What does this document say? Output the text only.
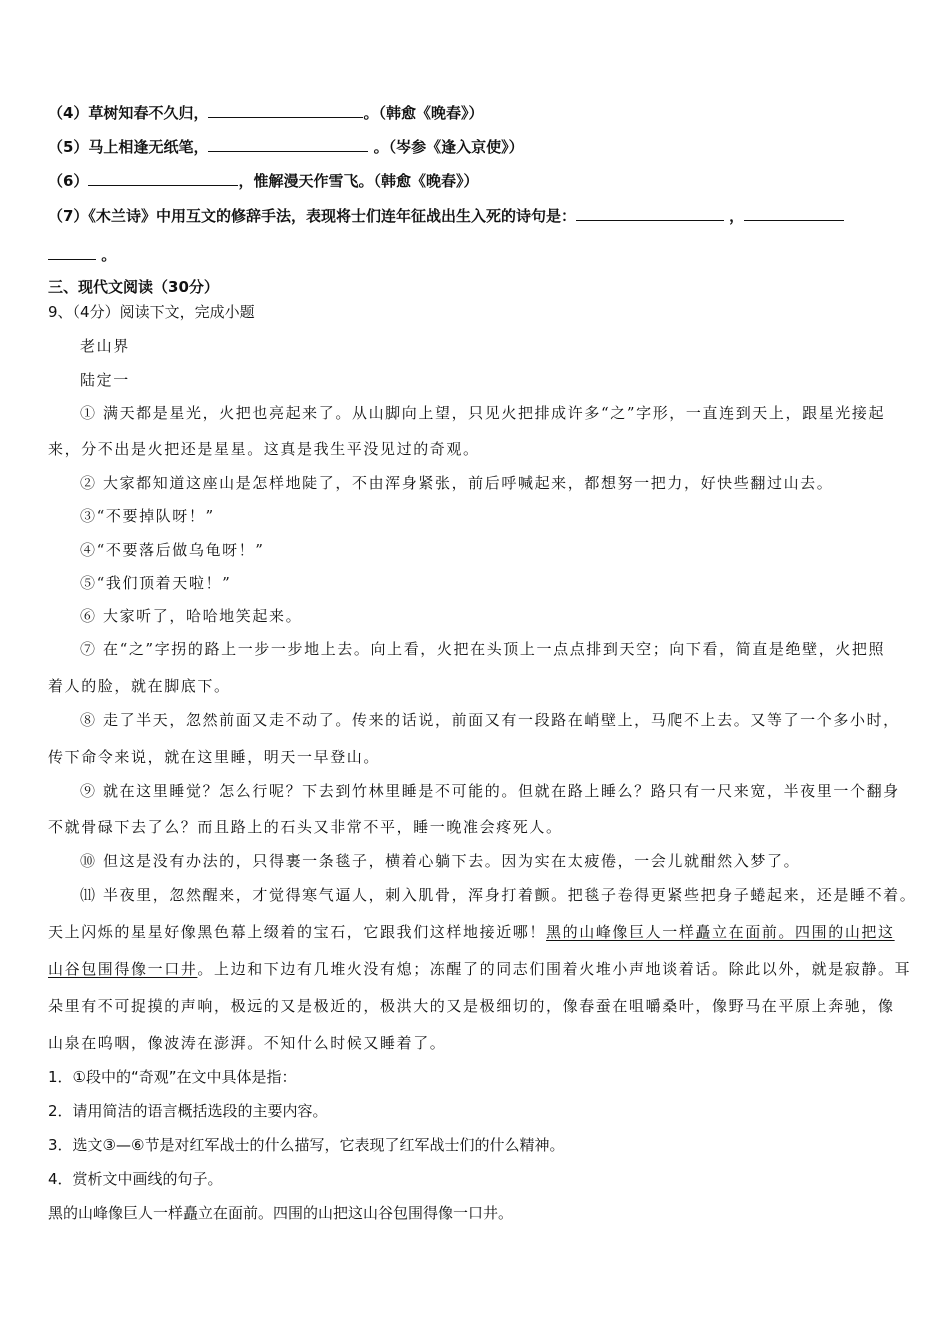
（4）草树知春不久归，	。（韩愈《晚春》）
（5）马上相逢无纸笔，	。（岑参《逢入京使》）
（6）	，惟解漫天作雪飞。（韩愈《晚春》）
（7）《木兰诗》中用互文的修辞手法，表现将士们连年征战出生入死的诗句是：	，
。
三、现代文阅读（30分）
9、（4分）阅读下文，完成小题
老山界
陆定一
① 满天都是星光，火把也亮起来了。从山脚向上望，只见火把排成许多“之”字形，一直连到天上，跟星光接起
来，分不出是火把还是星星。这真是我生平没见过的奇观。
② 大家都知道这座山是怎样地陡了，不由浑身紧张，前后呼喊起来，都想努一把力，好快些翻过山去。
③“不要掉队呀！”
④“不要落后做乌龟呀！”
⑤“我们顶着天啦！”
⑥ 大家听了，哈哈地笑起来。
⑦ 在“之”字拐的路上一步一步地上去。向上看，火把在头顶上一点点排到天空；向下看，简直是绝壁，火把照
着人的脸，就在脚底下。
⑧ 走了半天，忽然前面又走不动了。传来的话说，前面又有一段路在峭壁上，马爬不上去。又等了一个多小时，
传下命令来说，就在这里睡，明天一早登山。
⑨ 就在这里睡觉？怎么行呢？下去到竹林里睡是不可能的。但就在路上睡么？路只有一尺来宽，半夜里一个翻身
不就骨碌下去了么？而且路上的石头又非常不平，睡一晚准会疼死人。
⑩ 但这是没有办法的，只得裹一条毯子，横着心躺下去。因为实在太疲倦，一会儿就酣然入梦了。
⑾ 半夜里，忽然醒来，才觉得寒气逼人，刺入肌骨，浑身打着颤。把毯子卷得更紧些把身子蜷起来，还是睡不着。
天上闪烁的星星好像黑色幕上缀着的宝石，它跟我们这样地接近哪！黑的山峰像巨人一样矗立在面前。四围的山把这
山谷包围得像一口井。上边和下边有几堆火没有熄；冻醒了的同志们围着火堆小声地谈着话。除此以外，就是寂静。耳
朵里有不可捉摸的声响，极远的又是极近的，极洪大的又是极细切的，像春蚕在咀嚼桑叶，像野马在平原上奔驰，像
山泉在呜咽，像波涛在澎湃。不知什么时候又睡着了。
1．①段中的“奇观”在文中具体是指：
2．请用简洁的语言概括选段的主要内容。
3．选文③—⑥节是对红军战士的什么描写，它表现了红军战士们的什么精神。
4．赏析文中画线的句子。
黑的山峰像巨人一样矗立在面前。四围的山把这山谷包围得像一口井。
